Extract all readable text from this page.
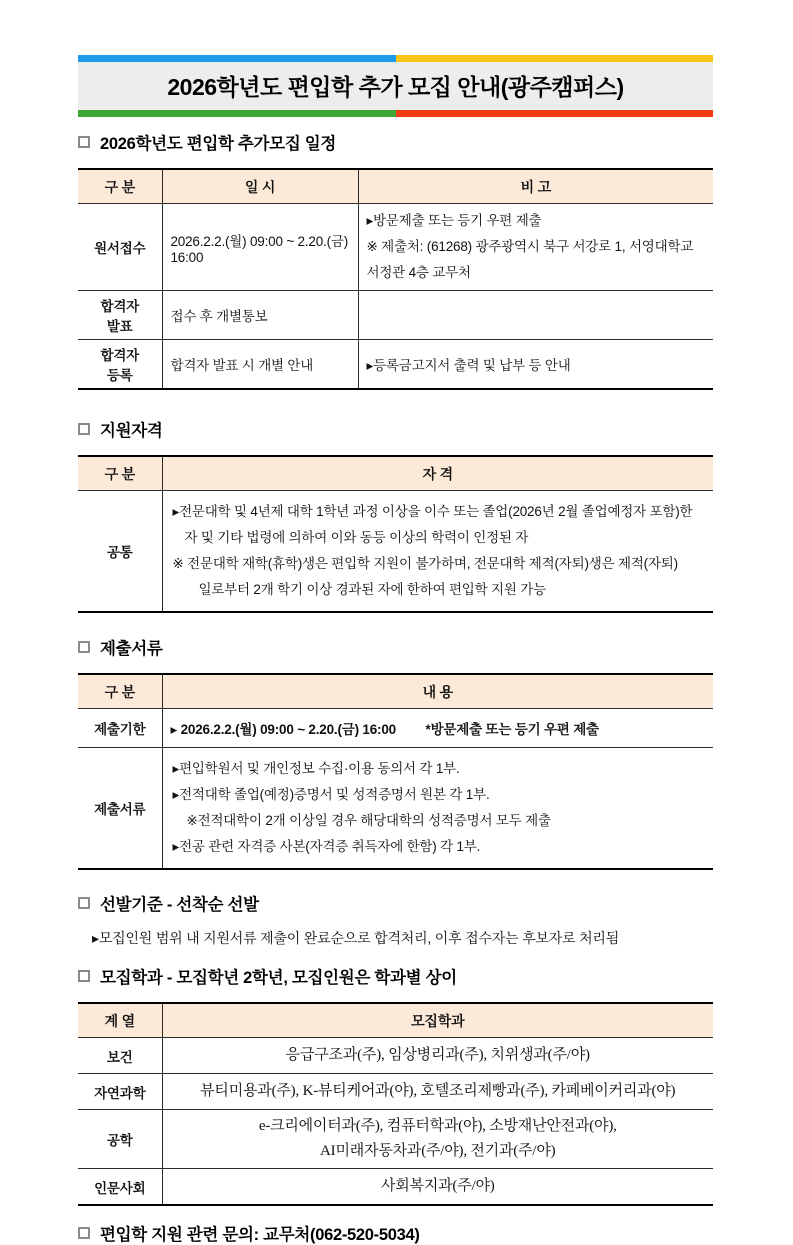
2026학년도 편입학 추가 모집 안내(광주캠퍼스)
2026학년도 편입학 추가모집 일정
구 분	일 시	비 고
원서접수	2026.2.2.(월) 09:00 ~ 2.20.(금) 16:00	▸방문제출 또는 등기 우편 제출
※ 제출처: (61268) 광주광역시 북구 서강로 1, 서영대학교 서정관 4층 교무처

합격자 발표	접수 후 개별통보	
합격자 등록	합격자 발표 시 개별 안내	▸등록금고지서 출력 및 납부 등 안내
지원자격
구 분	자 격
공통	▸전문대학 및 4년제 대학 1학년 과정 이상을 이수 또는 졸업(2026년 2월 졸업예정자 포함)한 자 및 기타 법령에 의하여 이와 동등 이상의 학력이 인정된 자
※ 전문대학 재학(휴학)생은 편입학 지원이 불가하며, 전문대학 제적(자퇴)생은 제적(자퇴)일로부터 2개 학기 이상 경과된 자에 한하여 편입학 지원 가능
제출서류
구 분	내 용
제출기한	▸ 2026.2.2.(월) 09:00 ~ 2.20.(금) 16:00 *방문제출 또는 등기 우편 제출
제출서류	▸편입학원서 및 개인정보 수집·이용 동의서 각 1부.
▸전적대학 졸업(예정)증명서 및 성적증명서 원본 각 1부.
※전적대학이 2개 이상일 경우 해당대학의 성적증명서 모두 제출
▸전공 관련 자격증 사본(자격증 취득자에 한함) 각 1부.
선발기준 - 선착순 선발
▸모집인원 범위 내 지원서류 제출이 완료순으로 합격처리, 이후 접수자는 후보자로 처리됨
모집학과 - 모집학년 2학년, 모집인원은 학과별 상이
계 열	모집학과
보건	응급구조과(주), 임상병리과(주), 치위생과(주/야)
자연과학	뷰티미용과(주), K-뷰티케어과(야), 호텔조리제빵과(주), 카페베이커리과(야)
공학	e-크리에이터과(주), 컴퓨터학과(야), 소방재난안전과(야),
AI미래자동차과(주/야), 전기과(주/야)

인문사회	사회복지과(주/야)
편입학 지원 관련 문의: 교무처(062-520-5034)
